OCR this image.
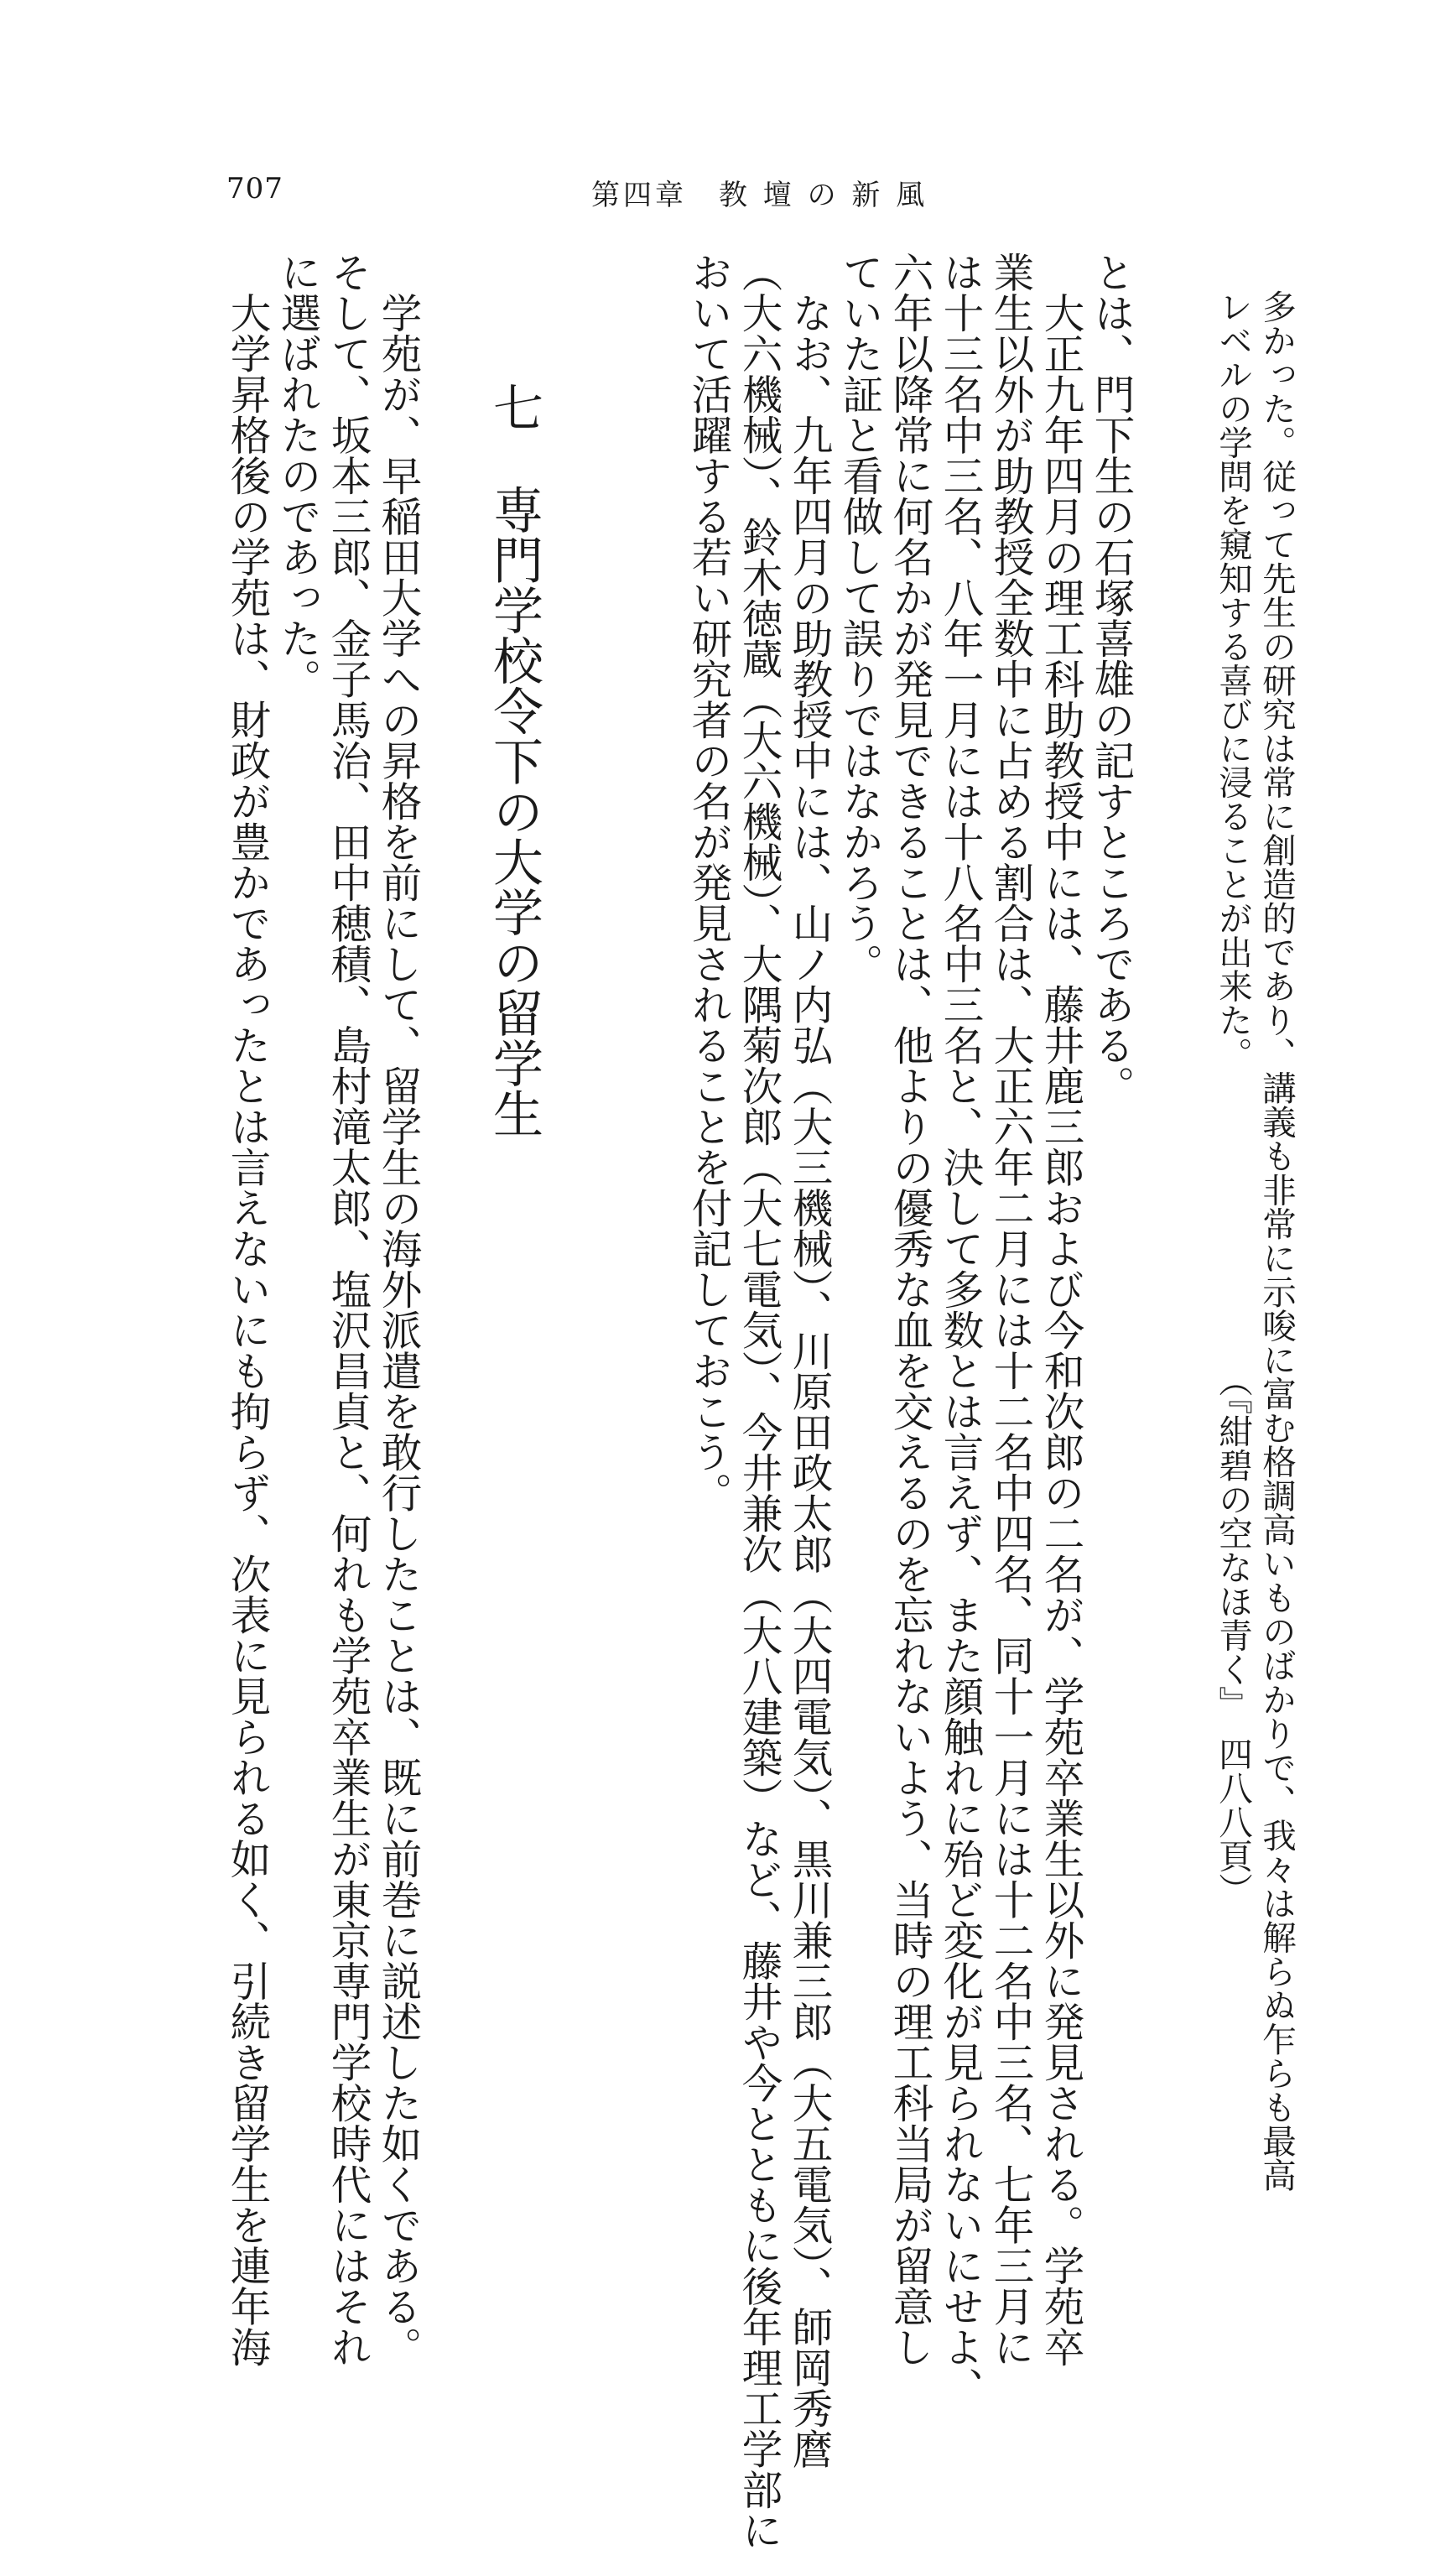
707	第四章　教 壇 の 新 風
多かった。従って先生の研究は常に創造的であり、講義も非常に示唆に富む格調高いものばかりで、我々は解らぬ乍らも最高
レベルの学問を窺知する喜びに浸ることが出来た。
（『紺碧の空なほ青く』　四八八頁）
とは、門下生の石塚喜雄の記すところである。
　大正九年四月の理工科助教授中には、藤井鹿三郎および今和次郎の二名が、学苑卒業生以外に発見される。学苑卒
業生以外が助教授全数中に占める割合は、大正六年二月には十二名中四名、同十一月には十二名中三名、七年三月に
は十三名中三名、八年一月には十八名中三名と、決して多数とは言えず、また顔触れに殆ど変化が見られないにせよ、
六年以降常に何名かが発見できることは、他よりの優秀な血を交えるのを忘れないよう、当時の理工科当局が留意し
ていた証と看做して誤りではなかろう。
　なお、九年四月の助教授中には、山ノ内弘（大三機械）、川原田政太郎（大四電気）、黒川兼三郎（大五電気）、師岡秀麿
（大六機械）、鈴木徳蔵（大六機械）、大隅菊次郎（大七電気）、今井兼次（大八建築）など、藤井や今とともに後年理工学部に
おいて活躍する若い研究者の名が発見されることを付記しておこう。
七専門学校令下の大学の留学生
　学苑が、早稲田大学への昇格を前にして、留学生の海外派遣を敢行したことは、既に前巻に説述した如くである。
そして、坂本三郎、金子馬治、田中穂積、島村滝太郎、塩沢昌貞と、何れも学苑卒業生が東京専門学校時代にはそれ
に選ばれたのであった。
　大学昇格後の学苑は、財政が豊かであったとは言えないにも拘らず、次表に見られる如く、引続き留学生を連年海
